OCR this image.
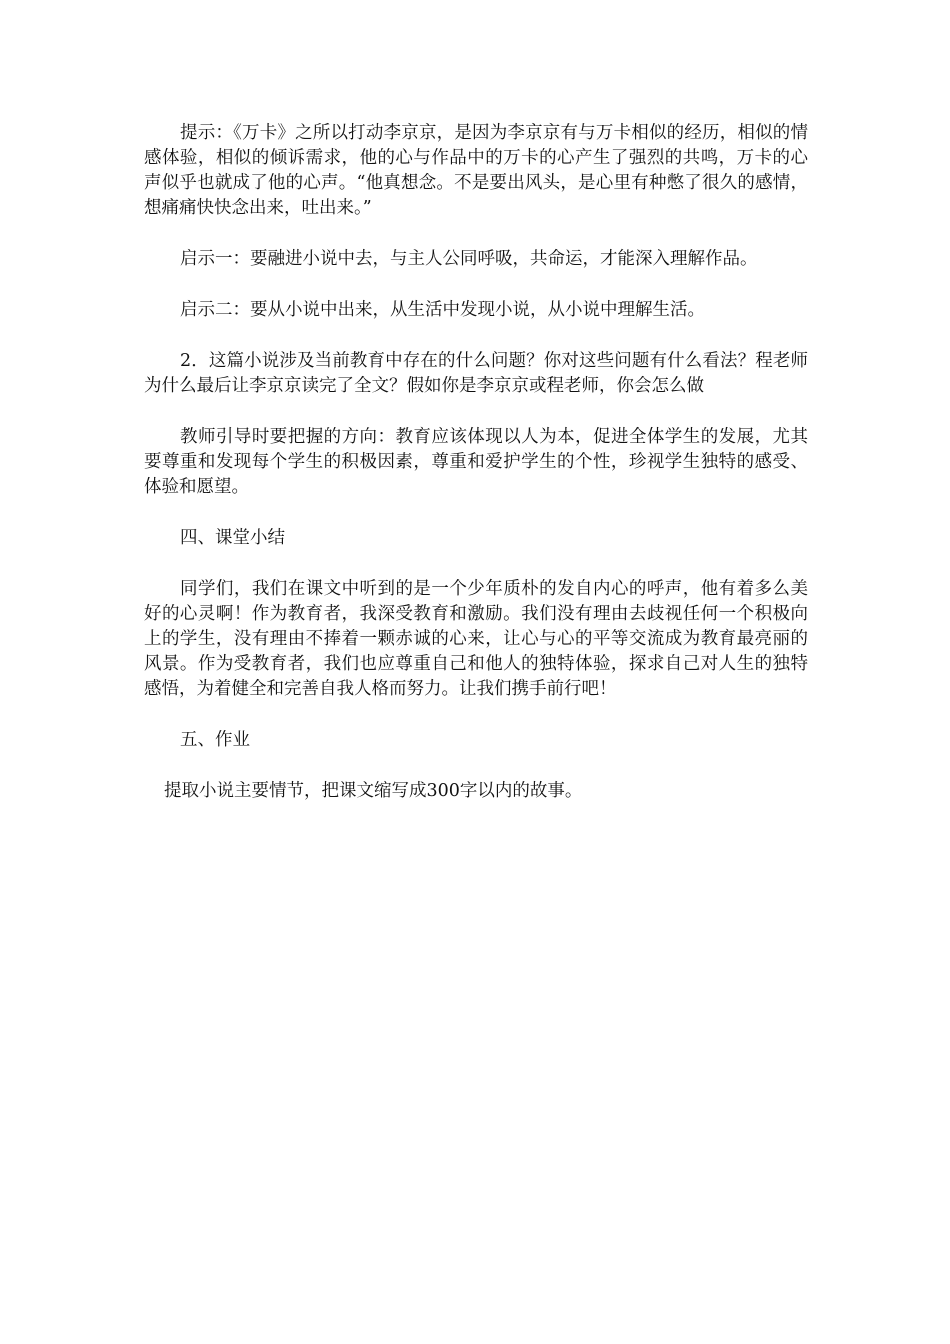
提示：《万卡》之所以打动李京京，是因为李京京有与万卡相似的经历，相似的情感体验，相似的倾诉需求，他的心与作品中的万卡的心产生了强烈的共鸣，万卡的心声似乎也就成了他的心声。“他真想念。不是要出风头，是心里有种憋了很久的感情，想痛痛快快念出来，吐出来。”

启示一：要融进小说中去，与主人公同呼吸，共命运，才能深入理解作品。

启示二：要从小说中出来，从生活中发现小说，从小说中理解生活。

2．这篇小说涉及当前教育中存在的什么问题？你对这些问题有什么看法？程老师为什么最后让李京京读完了全文？假如你是李京京或程老师，你会怎么做

教师引导时要把握的方向：教育应该体现以人为本，促进全体学生的发展，尤其要尊重和发现每个学生的积极因素，尊重和爱护学生的个性，珍视学生独特的感受、体验和愿望。

四、课堂小结

同学们，我们在课文中听到的是一个少年质朴的发自内心的呼声，他有着多么美好的心灵啊！作为教育者，我深受教育和激励。我们没有理由去歧视任何一个积极向上的学生，没有理由不捧着一颗赤诚的心来，让心与心的平等交流成为教育最亮丽的风景。作为受教育者，我们也应尊重自己和他人的独特体验，探求自己对人生的独特感悟，为着健全和完善自我人格而努力。让我们携手前行吧！

五、作业

提取小说主要情节，把课文缩写成300字以内的故事。
